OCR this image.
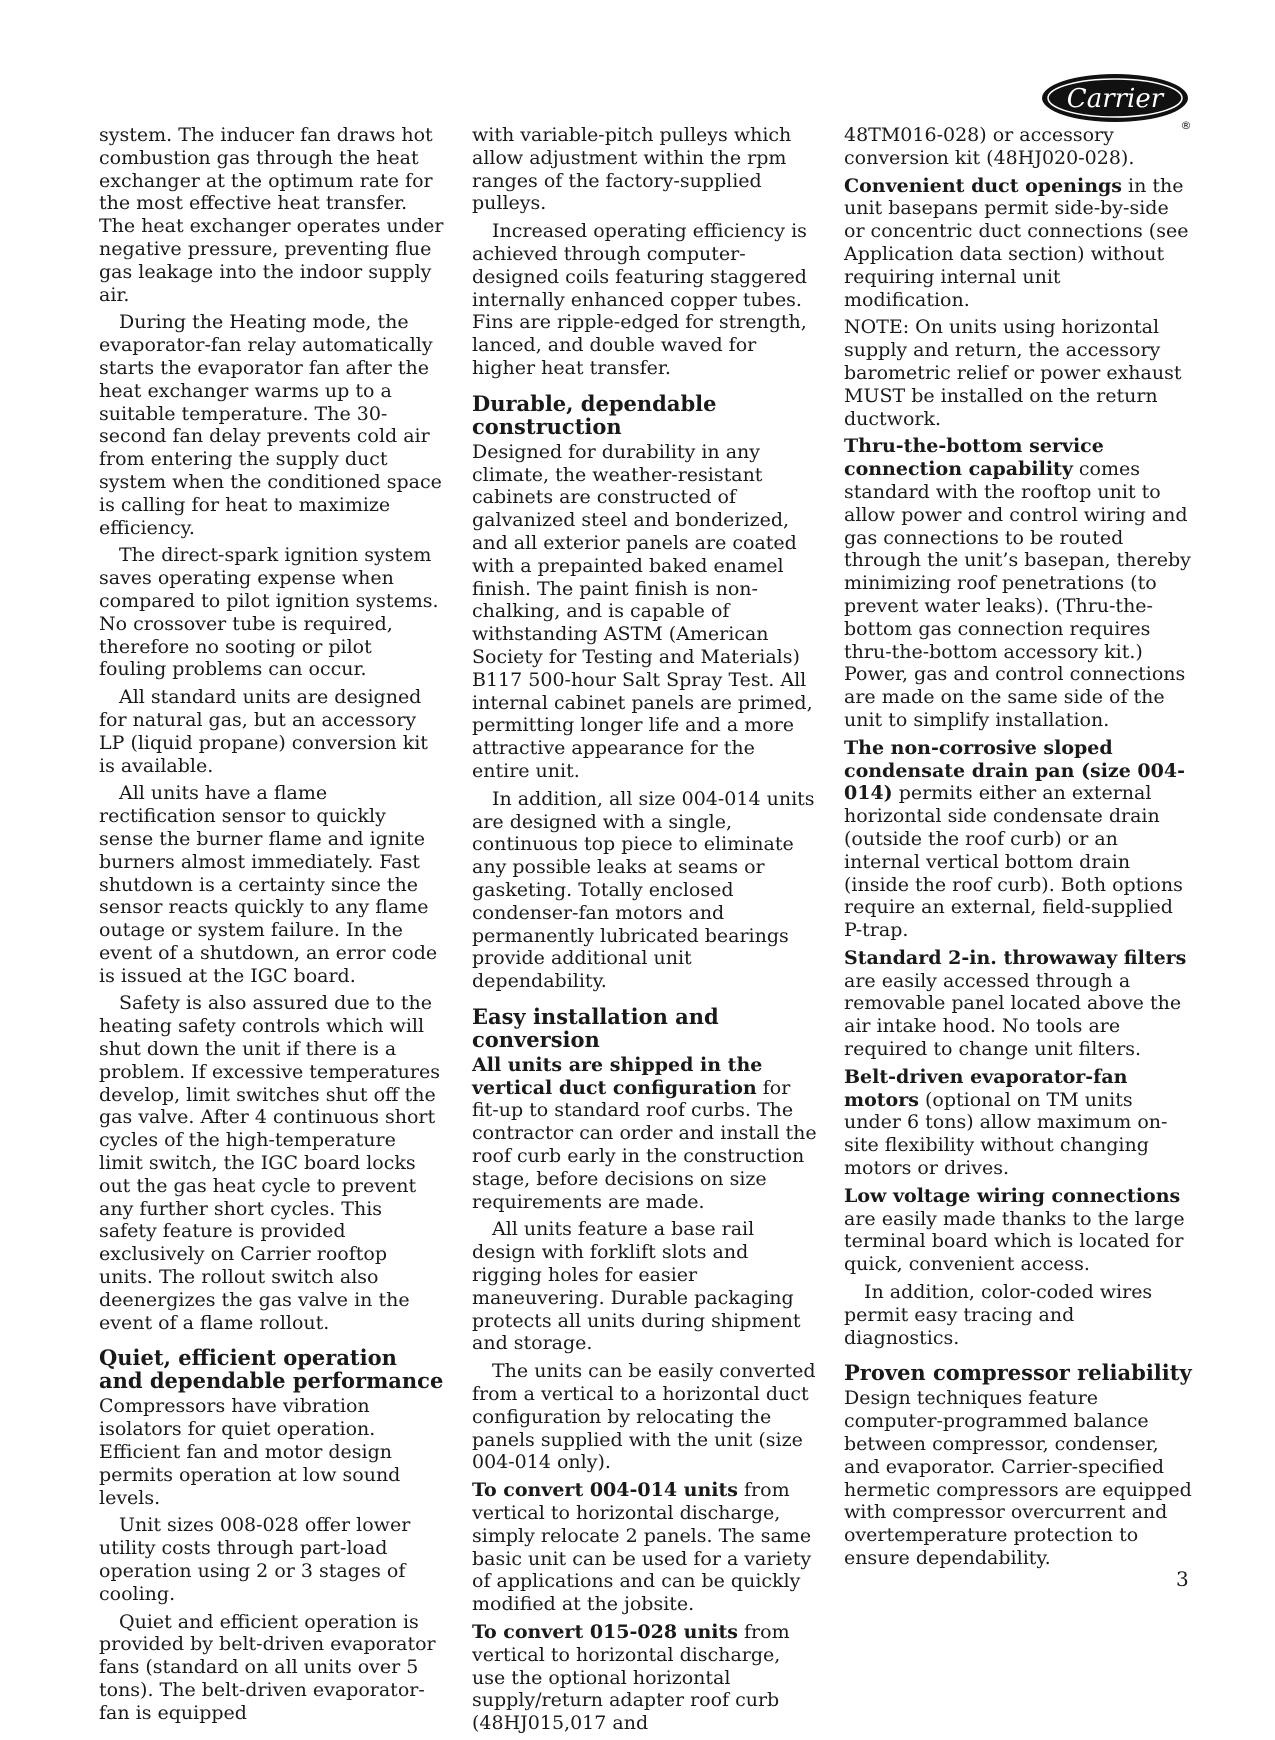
Carrier
®

system. The inducer fan draws hot combustion gas through the heat exchanger at the optimum rate for the most effective heat transfer. The heat exchanger operates under negative pressure, preventing flue gas leakage into the indoor supply air.

During the Heating mode, the evaporator-fan relay automatically starts the evaporator fan after the heat exchanger warms up to a suitable temperature. The 30-second fan delay prevents cold air from entering the supply duct system when the conditioned space is calling for heat to maximize efficiency.

The direct-spark ignition system saves operating expense when compared to pilot ignition systems. No crossover tube is required, therefore no sooting or pilot fouling problems can occur.

All standard units are designed for natural gas, but an accessory LP (liquid propane) conversion kit is available.

All units have a flame rectification sensor to quickly sense the burner flame and ignite burners almost immediately. Fast shutdown is a certainty since the sensor reacts quickly to any flame outage or system failure. In the event of a shutdown, an error code is issued at the IGC board.

Safety is also assured due to the heating safety controls which will shut down the unit if there is a problem. If excessive temperatures develop, limit switches shut off the gas valve. After 4 continuous short cycles of the high-temperature limit switch, the IGC board locks out the gas heat cycle to prevent any further short cycles. This safety feature is provided exclusively on Carrier rooftop units. The rollout switch also deenergizes the gas valve in the event of a flame rollout.

Quiet, efficient operation and dependable performance

Compressors have vibration isolators for quiet operation. Efficient fan and motor design permits operation at low sound levels.

Unit sizes 008-028 offer lower utility costs through part-load operation using 2 or 3 stages of cooling.

Quiet and efficient operation is provided by belt-driven evaporator fans (standard on all units over 5 tons). The belt-driven evaporator-fan is equipped

with variable-pitch pulleys which allow adjustment within the rpm ranges of the factory-supplied pulleys.

Increased operating efficiency is achieved through computer-designed coils featuring staggered internally enhanced copper tubes. Fins are ripple-edged for strength, lanced, and double waved for higher heat transfer.

Durable, dependable construction

Designed for durability in any climate, the weather-resistant cabinets are constructed of galvanized steel and bonderized, and all exterior panels are coated with a prepainted baked enamel finish. The paint finish is non-chalking, and is capable of withstanding ASTM (American Society for Testing and Materials) B117 500-hour Salt Spray Test. All internal cabinet panels are primed, permitting longer life and a more attractive appearance for the entire unit.

In addition, all size 004-014 units are designed with a single, continuous top piece to eliminate any possible leaks at seams or gasketing. Totally enclosed condenser-fan motors and permanently lubricated bearings provide additional unit dependability.

Easy installation and conversion

All units are shipped in the vertical duct configuration for fit-up to standard roof curbs. The contractor can order and install the roof curb early in the construction stage, before decisions on size requirements are made.

All units feature a base rail design with forklift slots and rigging holes for easier maneuvering. Durable packaging protects all units during shipment and storage.

The units can be easily converted from a vertical to a horizontal duct configuration by relocating the panels supplied with the unit (size 004-014 only).

To convert 004-014 units from vertical to horizontal discharge, simply relocate 2 panels. The same basic unit can be used for a variety of applications and can be quickly modified at the jobsite.

To convert 015-028 units from vertical to horizontal discharge, use the optional horizontal supply/return adapter roof curb (48HJ015,017 and

48TM016-028) or accessory conversion kit (48HJ020-028).

Convenient duct openings in the unit basepans permit side-by-side or concentric duct connections (see Application data section) without requiring internal unit modification.

NOTE: On units using horizontal supply and return, the accessory barometric relief or power exhaust MUST be installed on the return ductwork.

Thru-the-bottom service connection capability comes standard with the rooftop unit to allow power and control wiring and gas connections to be routed through the unit’s basepan, thereby minimizing roof penetrations (to prevent water leaks). (Thru-the-bottom gas connection requires thru-the-bottom accessory kit.) Power, gas and control connections are made on the same side of the unit to simplify installation.

The non-corrosive sloped condensate drain pan (size 004-014) permits either an external horizontal side condensate drain (outside the roof curb) or an internal vertical bottom drain (inside the roof curb). Both options require an external, field-supplied P-trap.

Standard 2-in. throwaway filters are easily accessed through a removable panel located above the air intake hood. No tools are required to change unit filters.

Belt-driven evaporator-fan motors (optional on TM units under 6 tons) allow maximum on-site flexibility without changing motors or drives.

Low voltage wiring connections are easily made thanks to the large terminal board which is located for quick, convenient access.

In addition, color-coded wires permit easy tracing and diagnostics.

Proven compressor reliability

Design techniques feature computer-programmed balance between compressor, condenser, and evaporator. Carrier-specified hermetic compressors are equipped with compressor overcurrent and overtemperature protection to ensure dependability.

3
